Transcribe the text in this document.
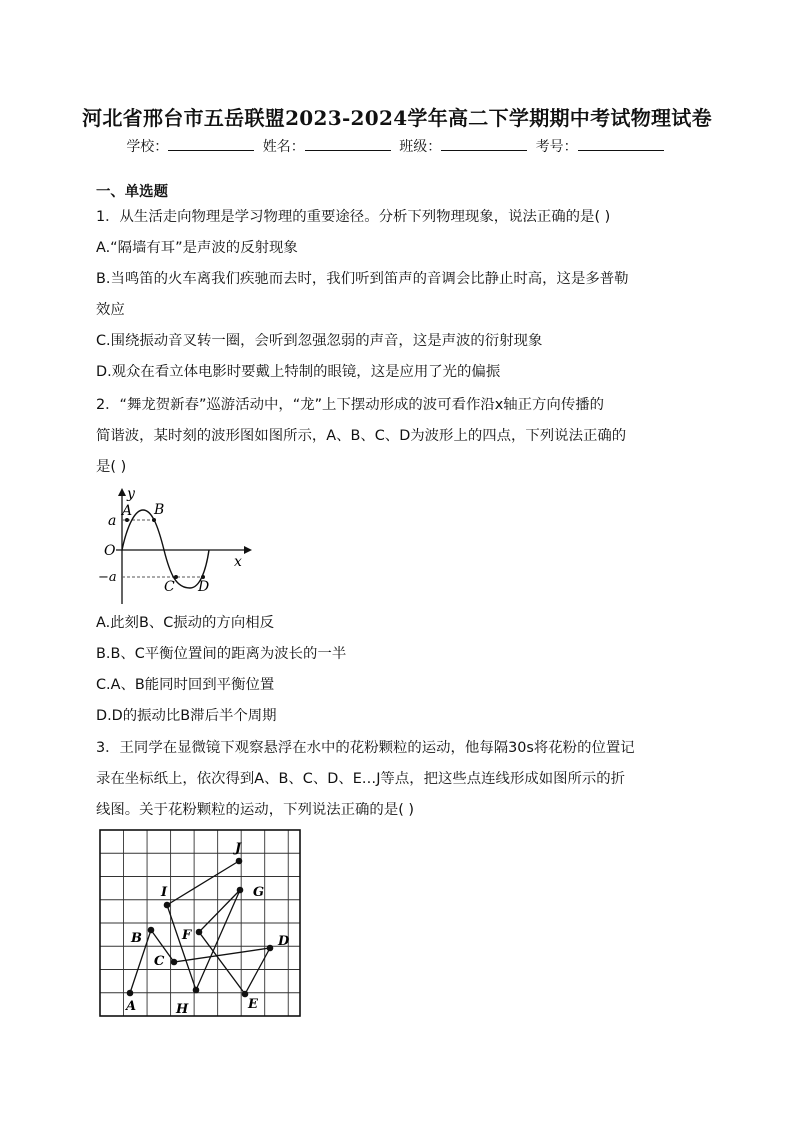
河北省邢台市五岳联盟2023-2024学年高二下学期期中考试物理试卷
学校：	姓名：	班级：	考号：
一、单选题
1．从生活走向物理是学习物理的重要途径。分析下列物理现象，说法正确的是( )
A.“隔墙有耳”是声波的反射现象
B.当鸣笛的火车离我们疾驰而去时，我们听到笛声的音调会比静止时高，这是多普勒
效应
C.围绕振动音叉转一圈，会听到忽强忽弱的声音，这是声波的衍射现象
D.观众在看立体电影时要戴上特制的眼镜，这是应用了光的偏振
2．“舞龙贺新春”巡游活动中，“龙”上下摆动形成的波可看作沿x轴正方向传播的
简谐波，某时刻的波形图如图所示，A、B、C、D为波形上的四点，下列说法正确的
是( )
y
x
O
a
−a
A B
C D
A.此刻B、C振动的方向相反
B.B、C平衡位置间的距离为波长的一半
C.A、B能同时回到平衡位置
D.D的振动比B滞后半个周期
3．王同学在显微镜下观察悬浮在水中的花粉颗粒的运动，他每隔30s将花粉的位置记
录在坐标纸上，依次得到A、B、C、D、E…J等点，把这些点连线形成如图所示的折
线图。关于花粉颗粒的运动，下列说法正确的是( )
A
B
C
D
E
F
G
H
I
J
